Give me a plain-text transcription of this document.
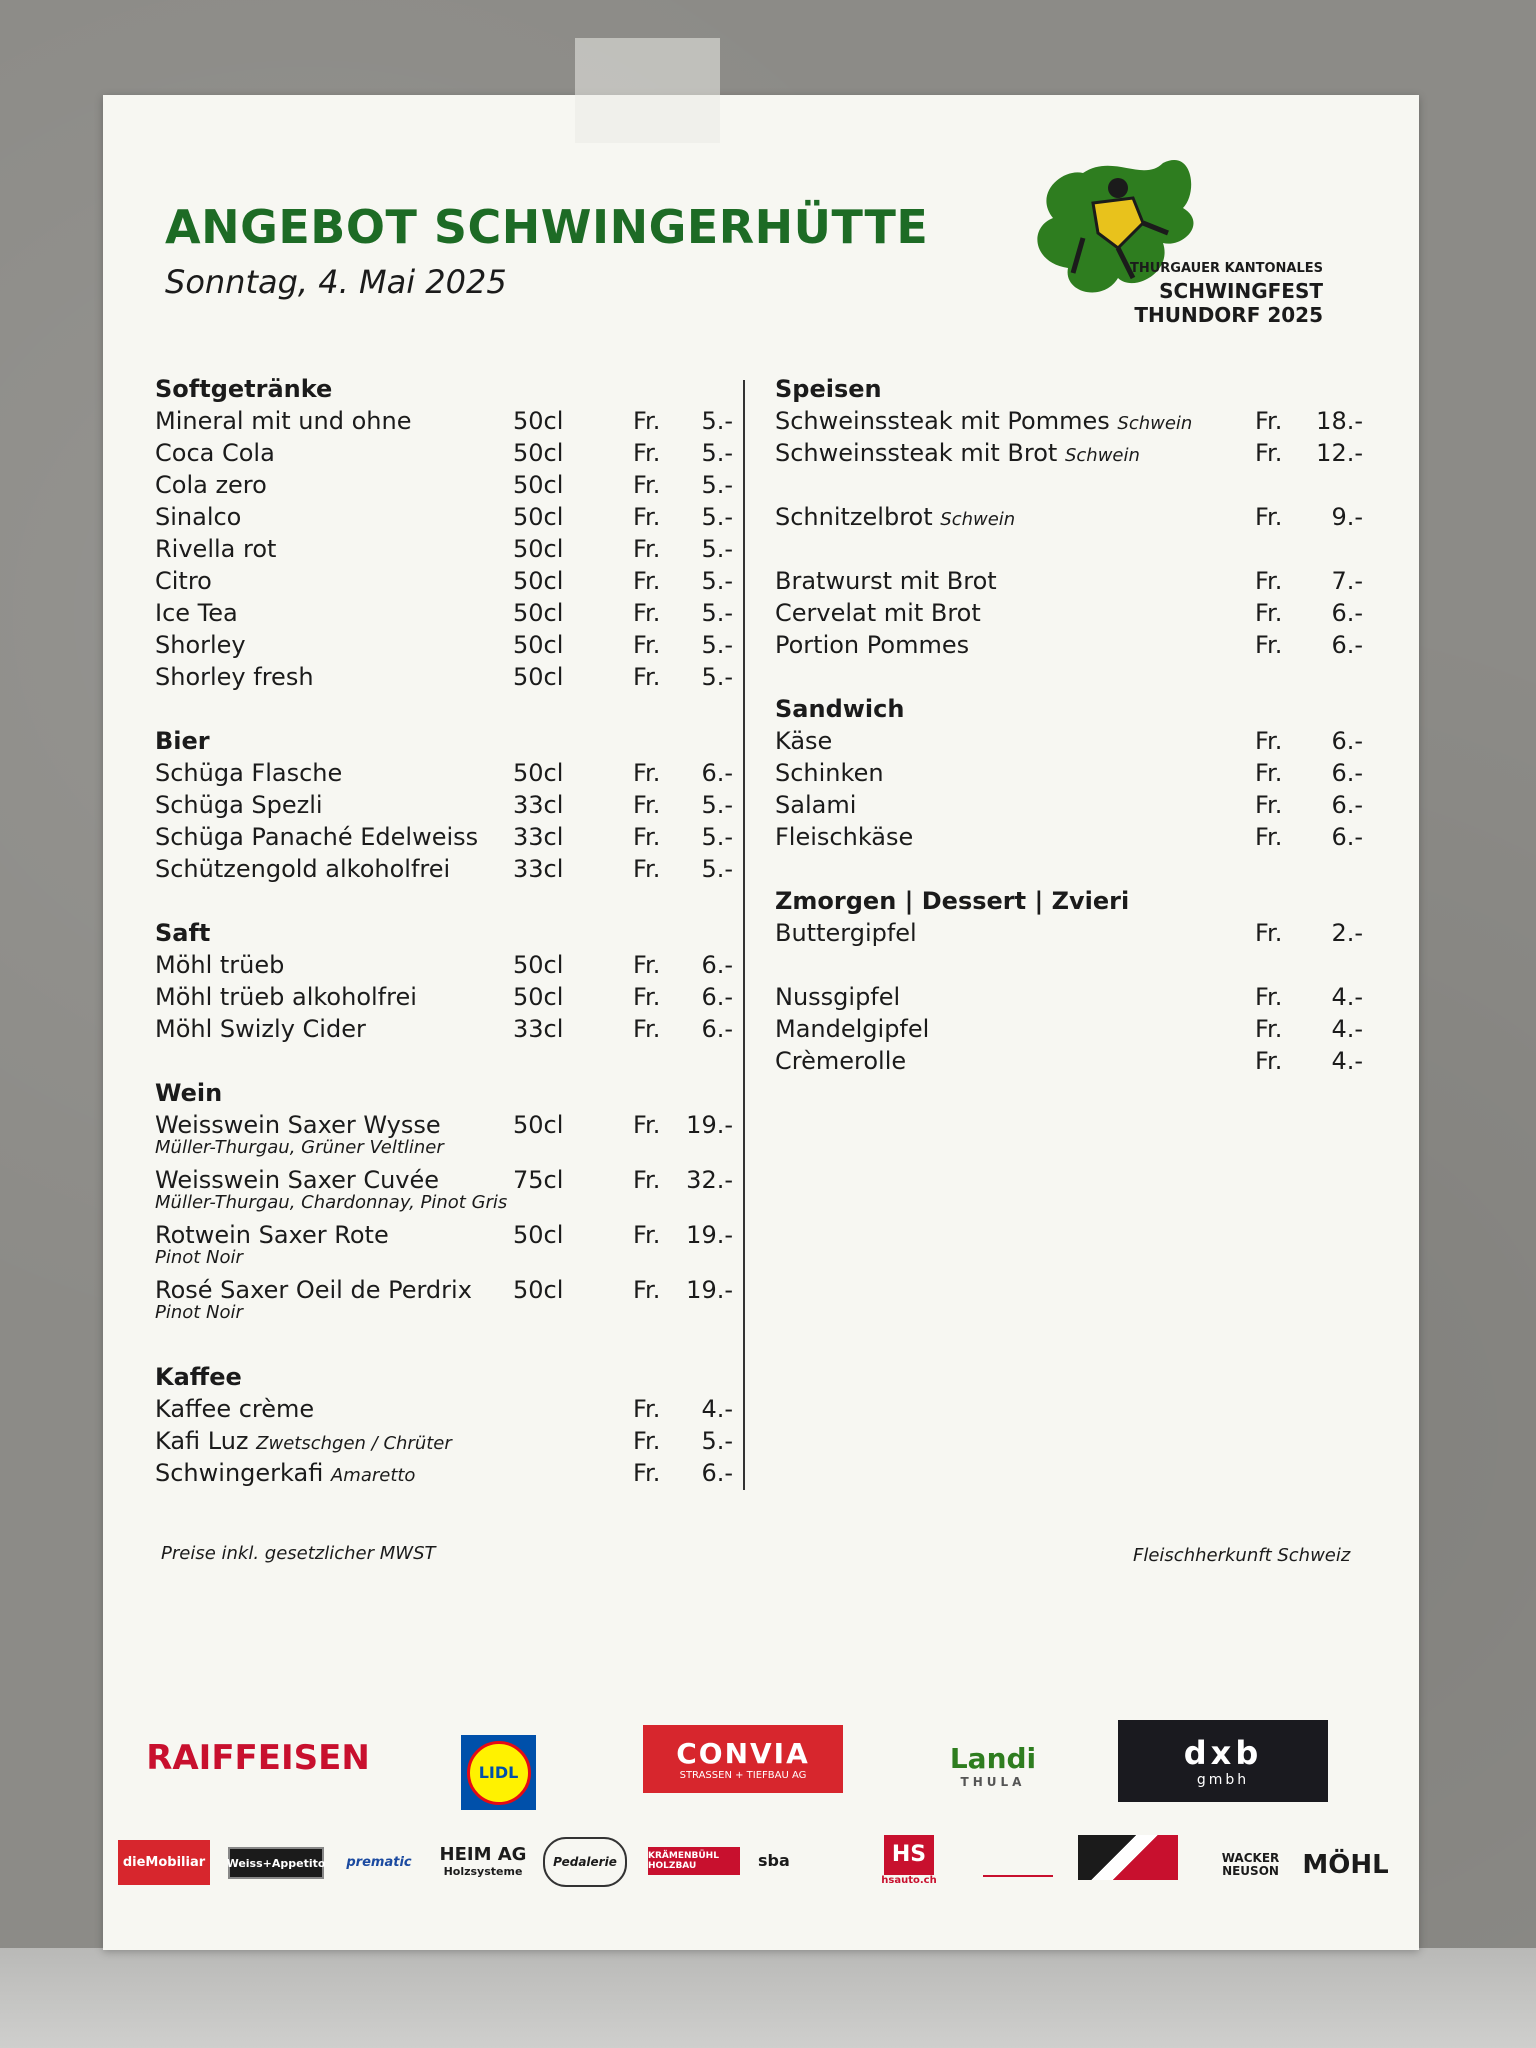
ANGEBOT SCHWINGERHÜTTE
Sonntag, 4. Mai 2025	THURGAUER KANTONALES
SCHWINGFEST
THUNDORF 2025
Softgetränke
Mineral mit und ohne	50cl	Fr.	5.-
Coca Cola	50cl	Fr.	5.-
Cola zero	50cl	Fr.	5.-
Sinalco	50cl	Fr.	5.-
Rivella rot	50cl	Fr.	5.-
Citro	50cl	Fr.	5.-
Ice Tea	50cl	Fr.	5.-
Shorley	50cl	Fr.	5.-
Shorley fresh	50cl	Fr.	5.-
Bier
Schüga Flasche	50cl	Fr.	6.-
Schüga Spezli	33cl	Fr.	5.-
Schüga Panaché Edelweiss 33cl	Fr.	5.-
Schützengold alkoholfrei	33cl	Fr.	5.-
Saft
Möhl trüeb	50cl	Fr.	6.-
Möhl trüeb alkoholfrei	50cl	Fr.	6.-
Möhl Swizly Cider	33cl	Fr.	6.-
Wein
Weisswein Saxer Wysse
Müller-Thurgau, Grüner Veltliner
50cl	Fr.	19.-
Weisswein Saxer Cuvée
Müller-Thurgau, Chardonnay, Pinot Gris
75cl	Fr.	32.-
Rotwein Saxer Rote
Pinot Noir
50cl	Fr.	19.-
Rosé Saxer Oeil de Perdrix
Pinot Noir
50cl	Fr.	19.-
Kaffee
Kaffee crème	Fr.	4.-
Kafi Luz Zwetschgen / Chrüter	Fr.	5.-
Schwingerkafi Amaretto	Fr.	6.-
Speisen
Schweinssteak mit Pommes Schwein	Fr.	18.-
Schweinssteak mit Brot Schwein	Fr.	12.-
Schnitzelbrot Schwein	Fr.	9.-
Bratwurst mit Brot	Fr.	7.-
Cervelat mit Brot	Fr.	6.-
Portion Pommes	Fr.	6.-
Sandwich
Käse	Fr.	6.-
Schinken	Fr.	6.-
Salami	Fr.	6.-
Fleischkäse	Fr.	6.-
Zmorgen | Dessert | Zvieri
Buttergipfel	Fr.	2.-
Nussgipfel	Fr.	4.-
Mandelgipfel	Fr.	4.-
Crèmerolle	Fr.	4.-
Preise inkl. gesetzlicher MWST	Fleischherkunft Schweiz
RAIFFEISEN	LIDL
CONVIA
STRASSEN + TIEFBAU AG
Landi
THULA
dxb
gmbh
dieMobiliar	Weiss+Appetito	prematic	HEIM AG
Holzsysteme
Pedalerie	KRÄMENBÜHL HOLZBAU	sba	HS
hsauto.ch
WACKER NEUSON MÖHL
